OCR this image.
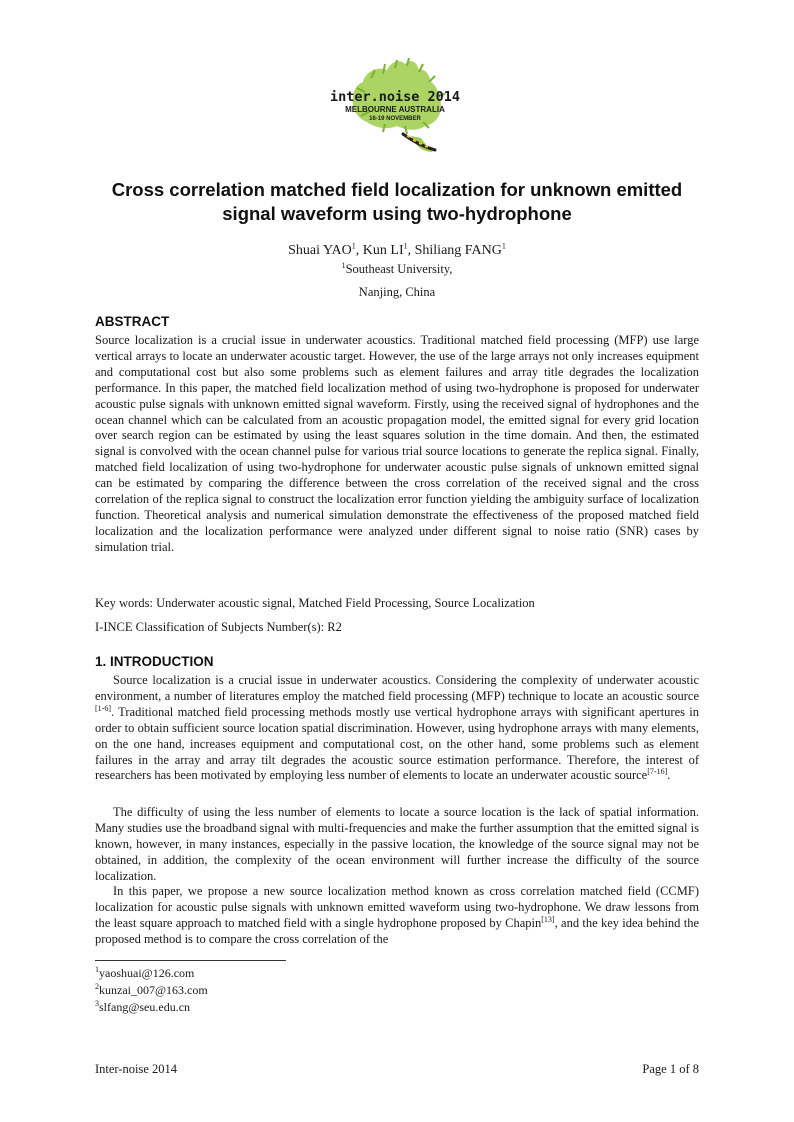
inter.noise 2014
MELBOURNE AUSTRALIA
16-19 NOVEMBER
Cross correlation matched field localization for unknown emitted
signal waveform using two-hydrophone
Shuai YAO$^1$, Kun $LI^1$, Shiliang FANG$^1$
$^1$Southeast University,
Nanjing, China
ABSTRACT
Source localization is a crucial issue in underwater acoustics. Traditional matched field processing (MFP) use large vertical arrays to locate an underwater acoustic target. However, the use of the large arrays not only increases equipment and computational cost but also some problems such as element failures and array title degrades the localization performance. In this paper, the matched field localization method of using two-hydrophone is proposed for underwater acoustic pulse signals with unknown emitted signal waveform. Firstly, using the received signal of hydrophones and the ocean channel which can be calculated from an acoustic propagation model, the emitted signal for every grid location over search region can be estimated by using the least squares solution in the time domain. And then, the estimated signal is convolved with the ocean channel pulse for various trial source locations to generate the replica signal. Finally, matched field localization of using two-hydrophone for underwater acoustic pulse signals of unknown emitted signal can be estimated by comparing the difference between the cross correlation of the received signal and the cross correlation of the replica signal to construct the localization error function yielding the ambiguity surface of localization function. Theoretical analysis and numerical simulation demonstrate the effectiveness of the proposed matched field localization and the localization performance were analyzed under different signal to noise ratio (SNR) cases by simulation trial.
Key words: Underwater acoustic signal, Matched Field Processing, Source Localization
I-INCE Classification of Subjects Number(s): R2
1. INTRODUCTION
Source localization is a crucial issue in underwater acoustics. Considering the complexity of underwater acoustic environment, a number of literatures employ the matched field processing (MFP) technique to locate an acoustic source [1-6]. Traditional matched field processing methods mostly use vertical hydrophone arrays with significant apertures in order to obtain sufficient source location spatial discrimination. However, using hydrophone arrays with many elements, on the one hand, increases equipment and computational cost, on the other hand, some problems such as element failures in the array and array tilt degrades the acoustic source estimation performance. Therefore, the interest of researchers has been motivated by employing less number of elements to locate an underwater acoustic source[7-16].
The difficulty of using the less number of elements to locate a source location is the lack of spatial information. Many studies use the broadband signal with multi-frequencies and make the further assumption that the emitted signal is known, however, in many instances, especially in the passive location, the knowledge of the source signal may not be obtained, in addition, the complexity of the ocean environment will further increase the difficulty of the source localization.
In this paper, we propose a new source localization method known as cross correlation matched field (CCMF) localization for acoustic pulse signals with unknown emitted waveform using two-hydrophone. We draw lessons from the least square approach to matched field with a single hydrophone proposed by Chapin[13], and the key idea behind the proposed method is to compare the cross correlation of the
$^1$yaoshuai@126.com
$^2$kunzai_007@163.com
$^3$slfang@seu.edu.cn
Inter-noise 2014	Page 1 of 8
